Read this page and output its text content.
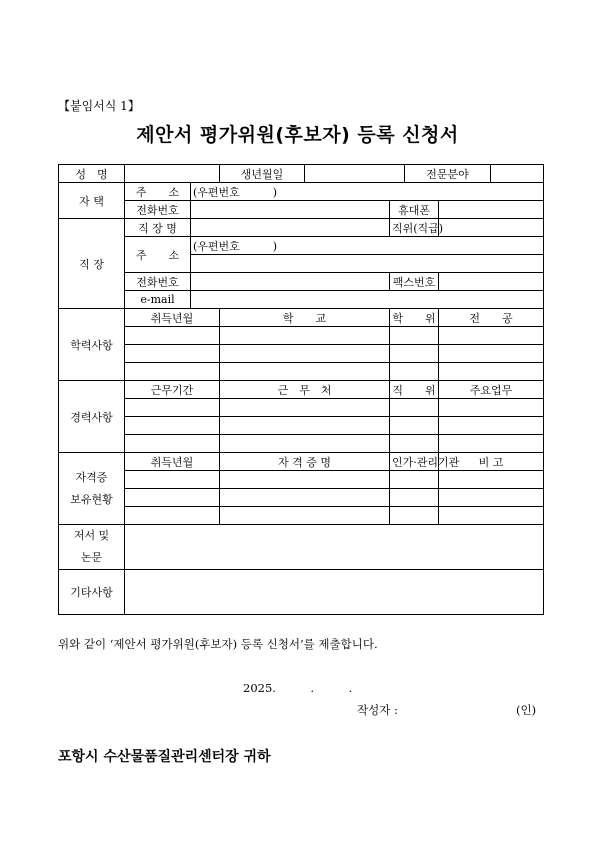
【붙임서식 1】
제안서 평가위원(후보자) 등록 신청서
성　명			생년월일			전문분야		
자 택	주　　소	(우편번호　　　)						
	전화번호				휴대폰			
직 장	직 장 명				직위(직급)			
	주　　소	(우편번호　　　)						

	전화번호				팩스번호			
	e-mail							
학력사항	취득년월		학　　교		학　　위		전　　공	

경력사항	근무기간		근　무　처		직　　위		주요업무	

자격증
보유현황	취득년월		자 격 증 명		인가·관리기관		비 고	

저서 및
논문								
기타사항								
위와 같이 ‘제안서 평가위원(후보자) 등록 신청서’를 제출합니다.
2025.　　　.　　　.
작성자 :	(인)
포항시 수산물품질관리센터장 귀하
